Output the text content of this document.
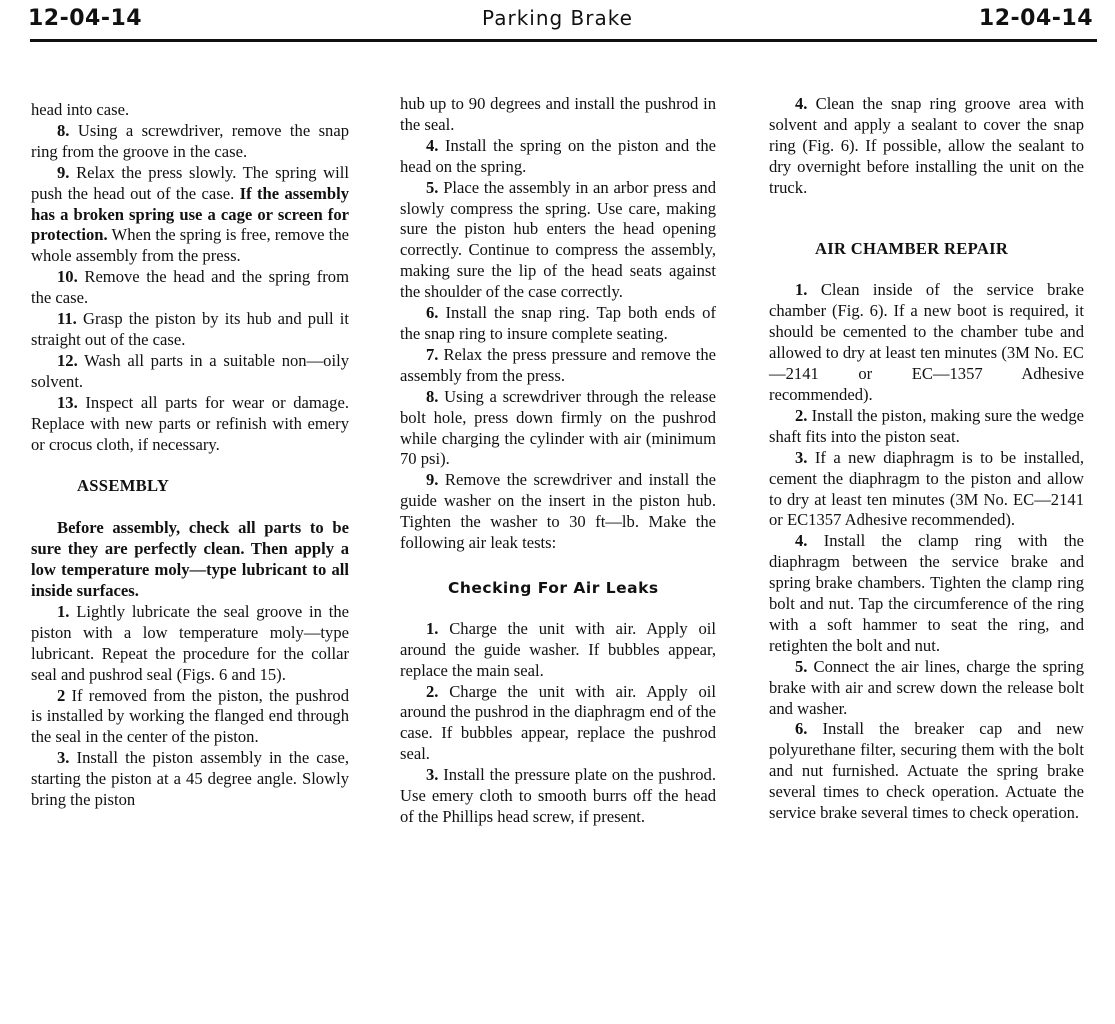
12-04-14	Parking Brake	12-04-14

head into case.

8. Using a screwdriver, remove the snap ring from the groove in the case.

9. Relax the press slowly. The spring will push the head out of the case. If the assembly has a broken spring use a cage or screen for protection. When the spring is free, remove the whole assembly from the press.

10. Remove the head and the spring from the case.

11. Grasp the piston by its hub and pull it straight out of the case.

12. Wash all parts in a suitable non—oily solvent.

13. Inspect all parts for wear or damage. Replace with new parts or refinish with emery or crocus cloth, if necessary.

ASSEMBLY

Before assembly, check all parts to be sure they are perfectly clean. Then apply a low temperature moly—type lubricant to all inside surfaces.

1. Lightly lubricate the seal groove in the piston with a low temperature moly—type lubricant. Repeat the procedure for the collar seal and pushrod seal (Figs. 6 and 15).

2 If removed from the piston, the pushrod is installed by working the flanged end through the seal in the center of the piston.

3. Install the piston assembly in the case, starting the piston at a 45 degree angle. Slowly bring the piston

hub up to 90 degrees and install the pushrod in the seal.

4. Install the spring on the piston and the head on the spring.

5. Place the assembly in an arbor press and slowly compress the spring. Use care, making sure the piston hub enters the head opening correctly. Continue to compress the assembly, making sure the lip of the head seats against the shoulder of the case correctly.

6. Install the snap ring. Tap both ends of the snap ring to insure complete seating.

7. Relax the press pressure and remove the assembly from the press.

8. Using a screwdriver through the release bolt hole, press down firmly on the pushrod while charging the cylinder with air (minimum 70 psi).

9. Remove the screwdriver and install the guide washer on the insert in the piston hub. Tighten the washer to 30 ft—lb. Make the following air leak tests:

Checking For Air Leaks

1. Charge the unit with air. Apply oil around the guide washer. If bubbles appear, replace the main seal.

2. Charge the unit with air. Apply oil around the pushrod in the diaphragm end of the case. If bubbles appear, replace the pushrod seal.

3. Install the pressure plate on the pushrod. Use emery cloth to smooth burrs off the head of the Phillips head screw, if present.

4. Clean the snap ring groove area with solvent and apply a sealant to cover the snap ring (Fig. 6). If possible, allow the sealant to dry overnight before installing the unit on the truck.

AIR CHAMBER REPAIR

1. Clean inside of the service brake chamber (Fig. 6). If a new boot is required, it should be cemented to the chamber tube and allowed to dry at least ten minutes (3M No. EC—2141 or EC—1357 Adhesive recommended).

2. Install the piston, making sure the wedge shaft fits into the piston seat.

3. If a new diaphragm is to be installed, cement the diaphragm to the piston and allow to dry at least ten minutes (3M No. EC—2141 or EC1357 Adhesive recommended).

4. Install the clamp ring with the diaphragm between the service brake and spring brake chambers. Tighten the clamp ring bolt and nut. Tap the circumference of the ring with a soft hammer to seat the ring, and retighten the bolt and nut.

5. Connect the air lines, charge the spring brake with air and screw down the release bolt and washer.

6. Install the breaker cap and new polyurethane filter, securing them with the bolt and nut furnished. Actuate the spring brake several times to check operation. Actuate the service brake several times to check operation.
